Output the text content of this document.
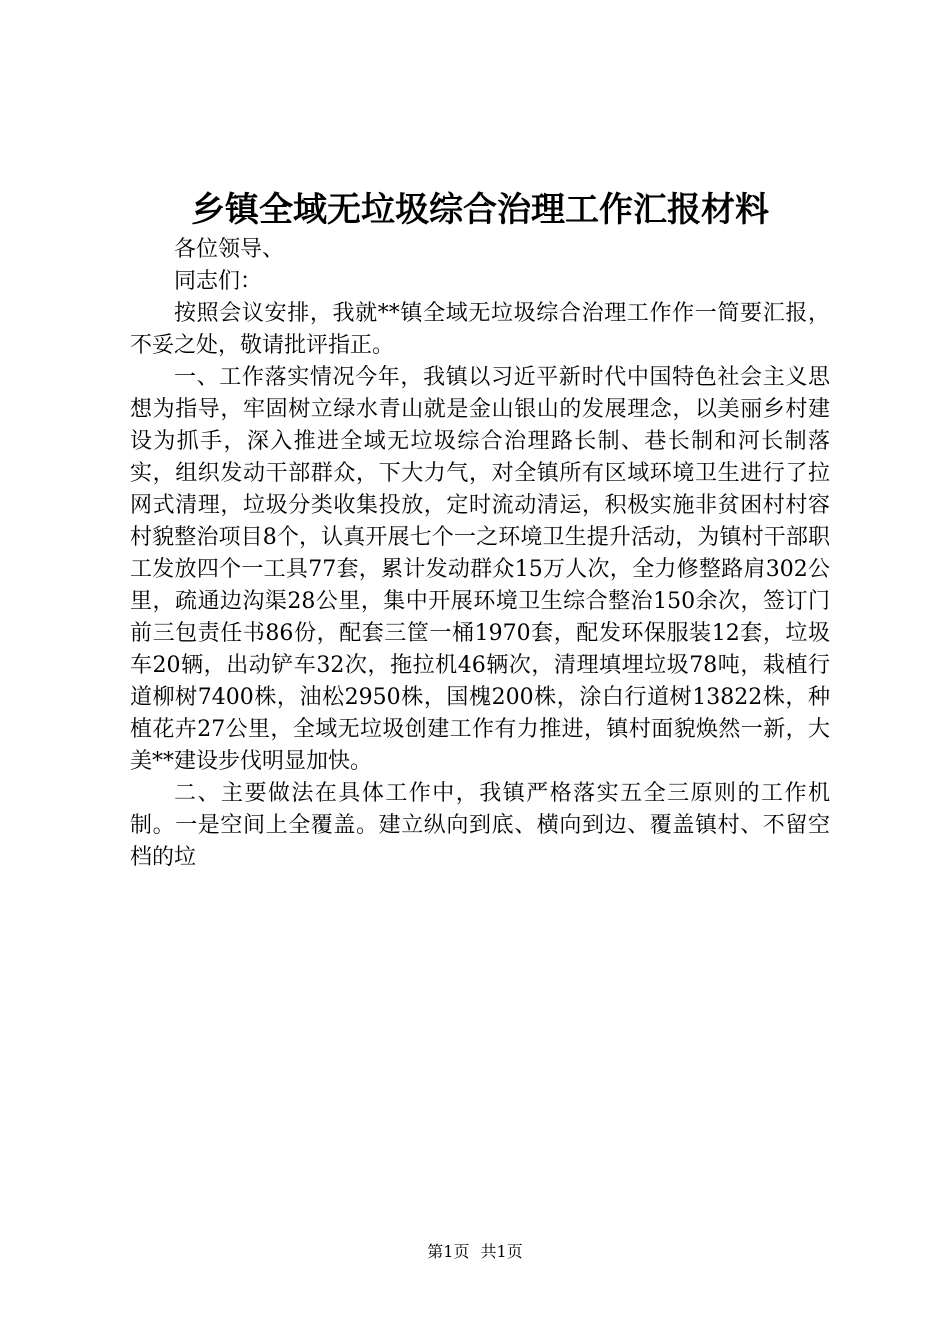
乡镇全域无垃圾综合治理工作汇报材料

各位领导、

同志们：

按照会议安排，我就**镇全域无垃圾综合治理工作作一简要汇报，不妥之处，敬请批评指正。

一、工作落实情况今年，我镇以习近平新时代中国特色社会主义思想为指导，牢固树立绿水青山就是金山银山的发展理念，以美丽乡村建设为抓手，深入推进全域无垃圾综合治理路长制、巷长制和河长制落实，组织发动干部群众，下大力气，对全镇所有区域环境卫生进行了拉网式清理，垃圾分类收集投放，定时流动清运，积极实施非贫困村村容村貌整治项目8个，认真开展七个一之环境卫生提升活动，为镇村干部职工发放四个一工具77套，累计发动群众15万人次，全力修整路肩302公里，疏通边沟渠28公里，集中开展环境卫生综合整治150余次，签订门前三包责任书86份，配套三筐一桶1970套，配发环保服装12套，垃圾车20辆，出动铲车32次，拖拉机46辆次，清理填埋垃圾78吨，栽植行道柳树7400株，油松2950株，国槐200株，涂白行道树13822株，种植花卉27公里，全域无垃圾创建工作有力推进，镇村面貌焕然一新，大美**建设步伐明显加快。

二、主要做法在具体工作中，我镇严格落实五全三原则的工作机制。一是空间上全覆盖。建立纵向到底、横向到边、覆盖镇村、不留空档的垃

第1页 共1页
